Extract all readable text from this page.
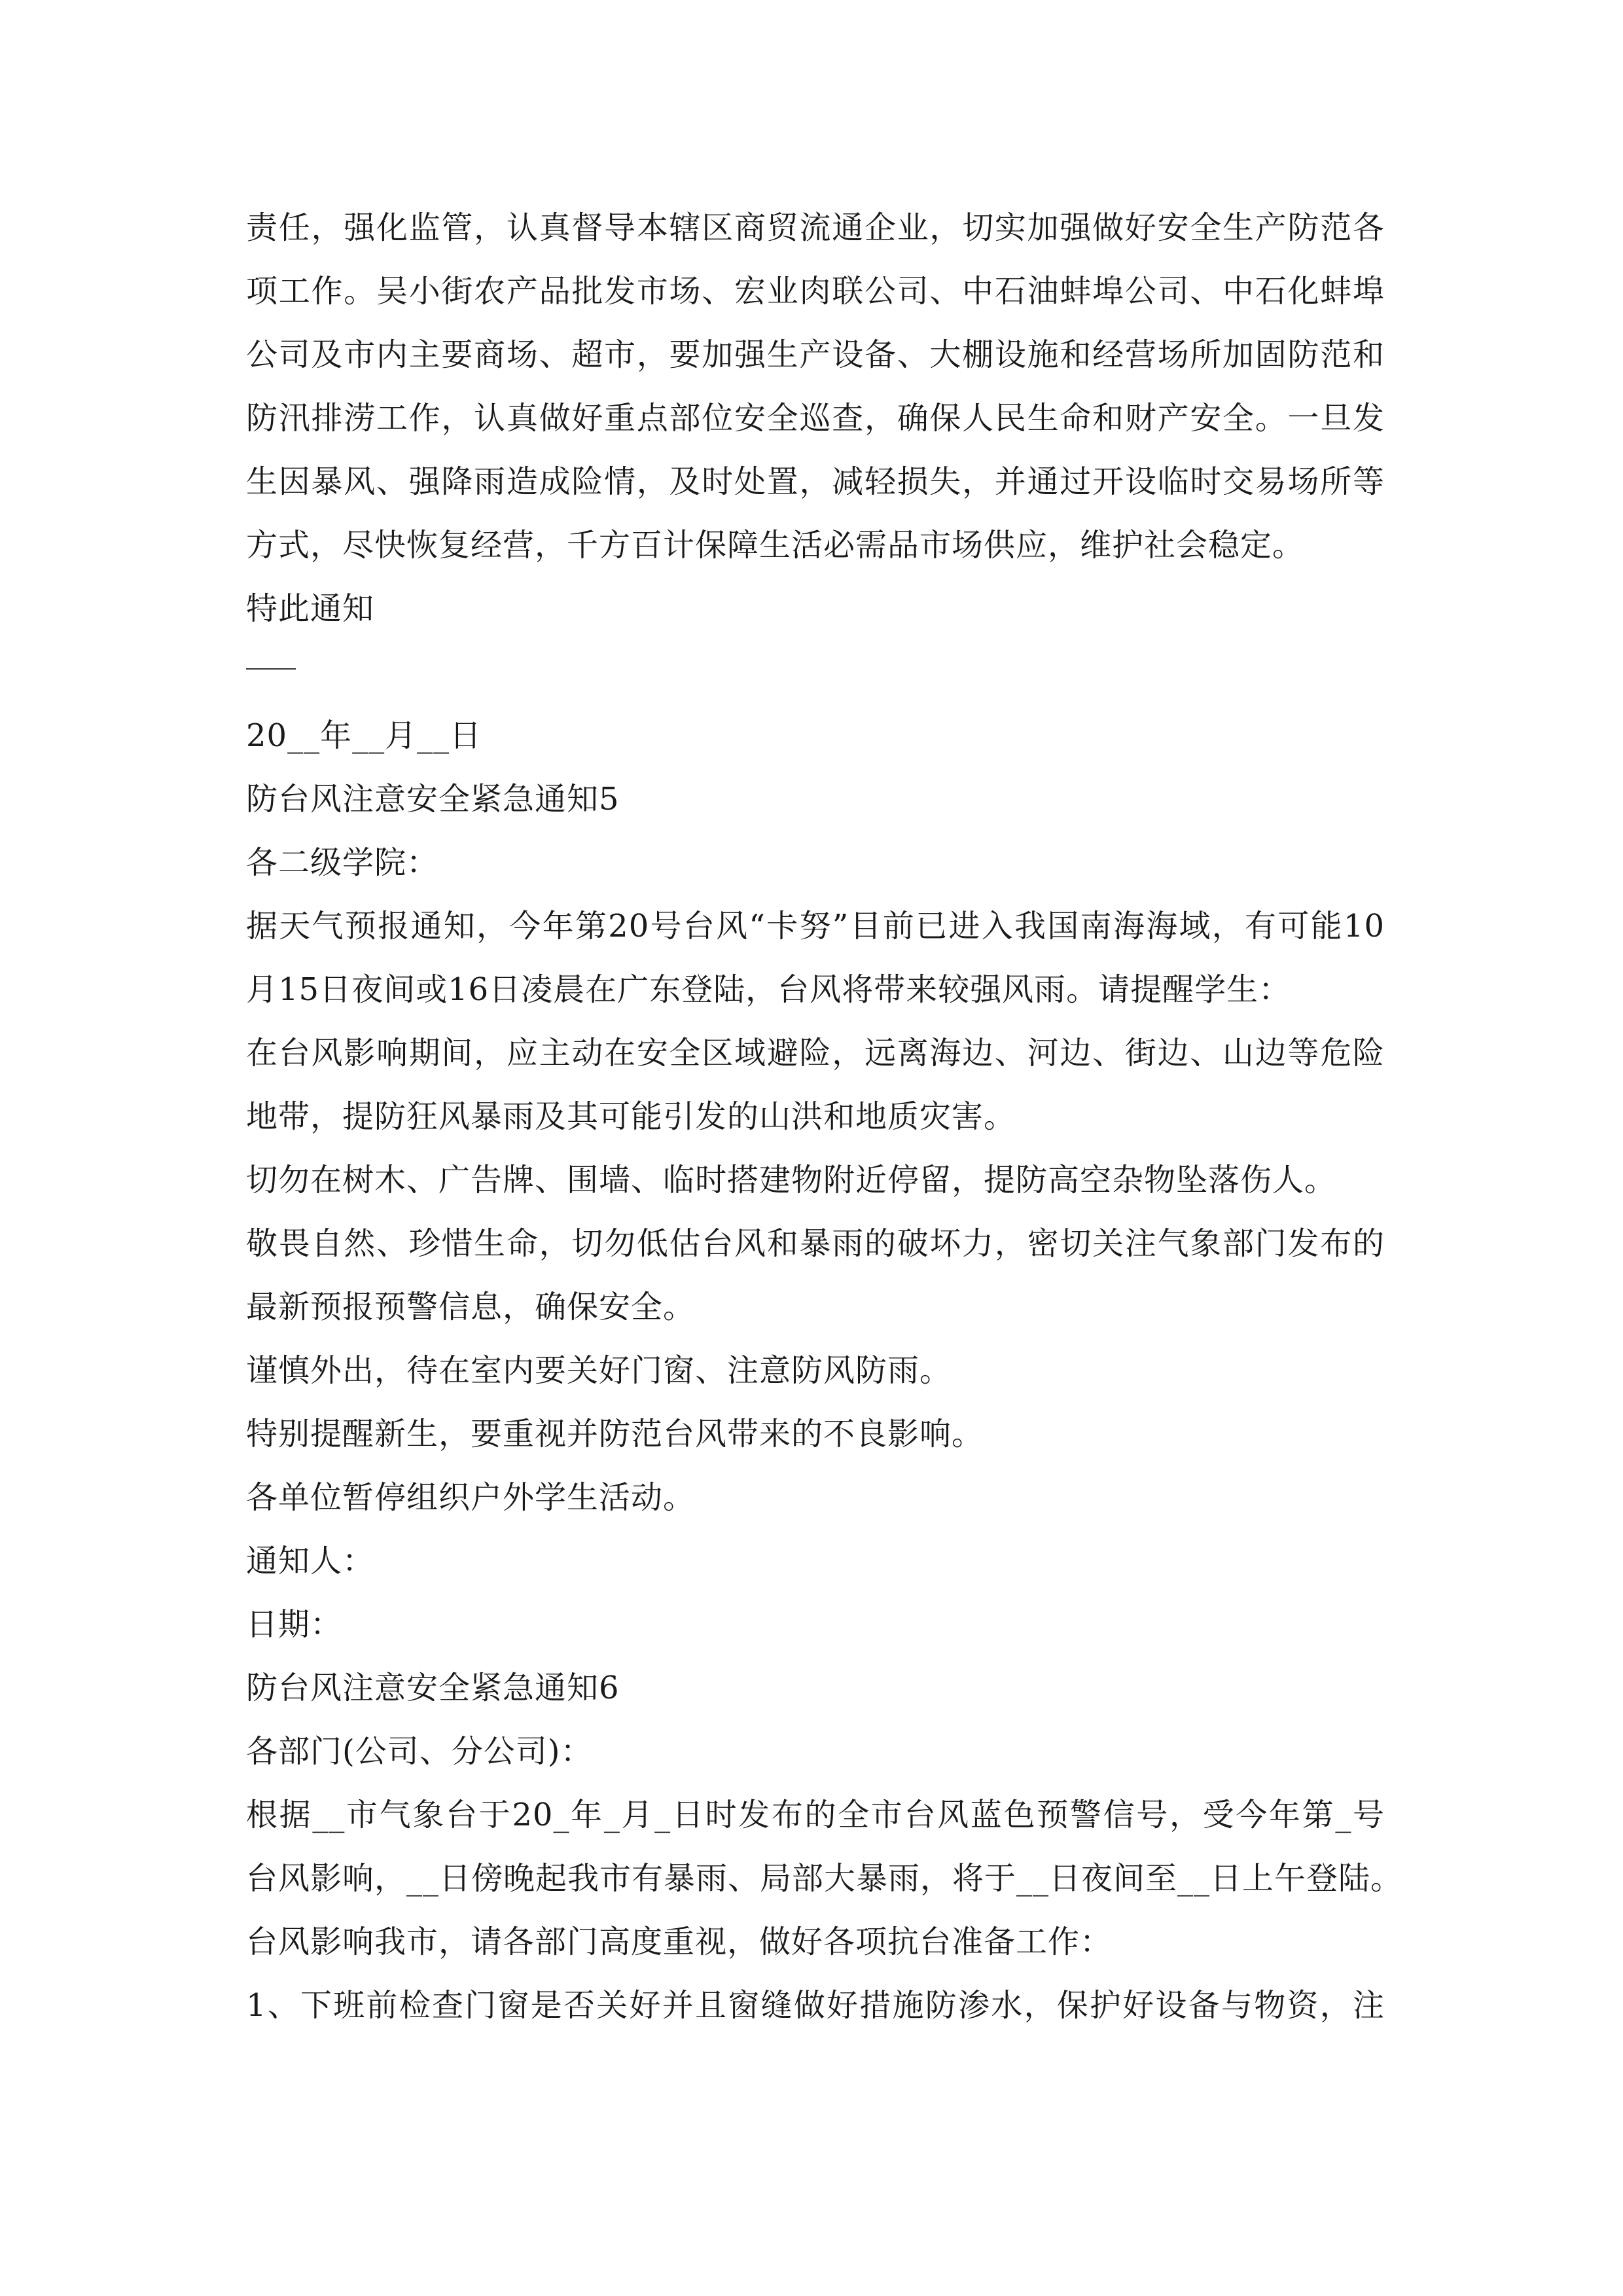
责任，强化监管，认真督导本辖区商贸流通企业，切实加强做好安全生产防范各
项工作。吴小街农产品批发市场、宏业肉联公司、中石油蚌埠公司、中石化蚌埠
公司及市内主要商场、超市，要加强生产设备、大棚设施和经营场所加固防范和
防汛排涝工作，认真做好重点部位安全巡查，确保人民生命和财产安全。一旦发
生因暴风、强降雨造成险情，及时处置，减轻损失，并通过开设临时交易场所等
方式，尽快恢复经营，千方百计保障生活必需品市场供应，维护社会稳定。
特此通知
20__年__月__日
防台风注意安全紧急通知5
各二级学院：
据天气预报通知，今年第20号台风“卡努”目前已进入我国南海海域，有可能10
月15日夜间或16日凌晨在广东登陆，台风将带来较强风雨。请提醒学生：
在台风影响期间，应主动在安全区域避险，远离海边、河边、街边、山边等危险
地带，提防狂风暴雨及其可能引发的山洪和地质灾害。
切勿在树木、广告牌、围墙、临时搭建物附近停留，提防高空杂物坠落伤人。
敬畏自然、珍惜生命，切勿低估台风和暴雨的破坏力，密切关注气象部门发布的
最新预报预警信息，确保安全。
谨慎外出，待在室内要关好门窗、注意防风防雨。
特别提醒新生，要重视并防范台风带来的不良影响。
各单位暂停组织户外学生活动。
通知人：
日期：
防台风注意安全紧急通知6
各部门(公司、分公司)：
根据__市气象台于20_年_月_日时发布的全市台风蓝色预警信号，受今年第_号
台风影响，__日傍晚起我市有暴雨、局部大暴雨，将于__日夜间至__日上午登陆。
台风影响我市，请各部门高度重视，做好各项抗台准备工作：
1、下班前检查门窗是否关好并且窗缝做好措施防渗水，保护好设备与物资，注
